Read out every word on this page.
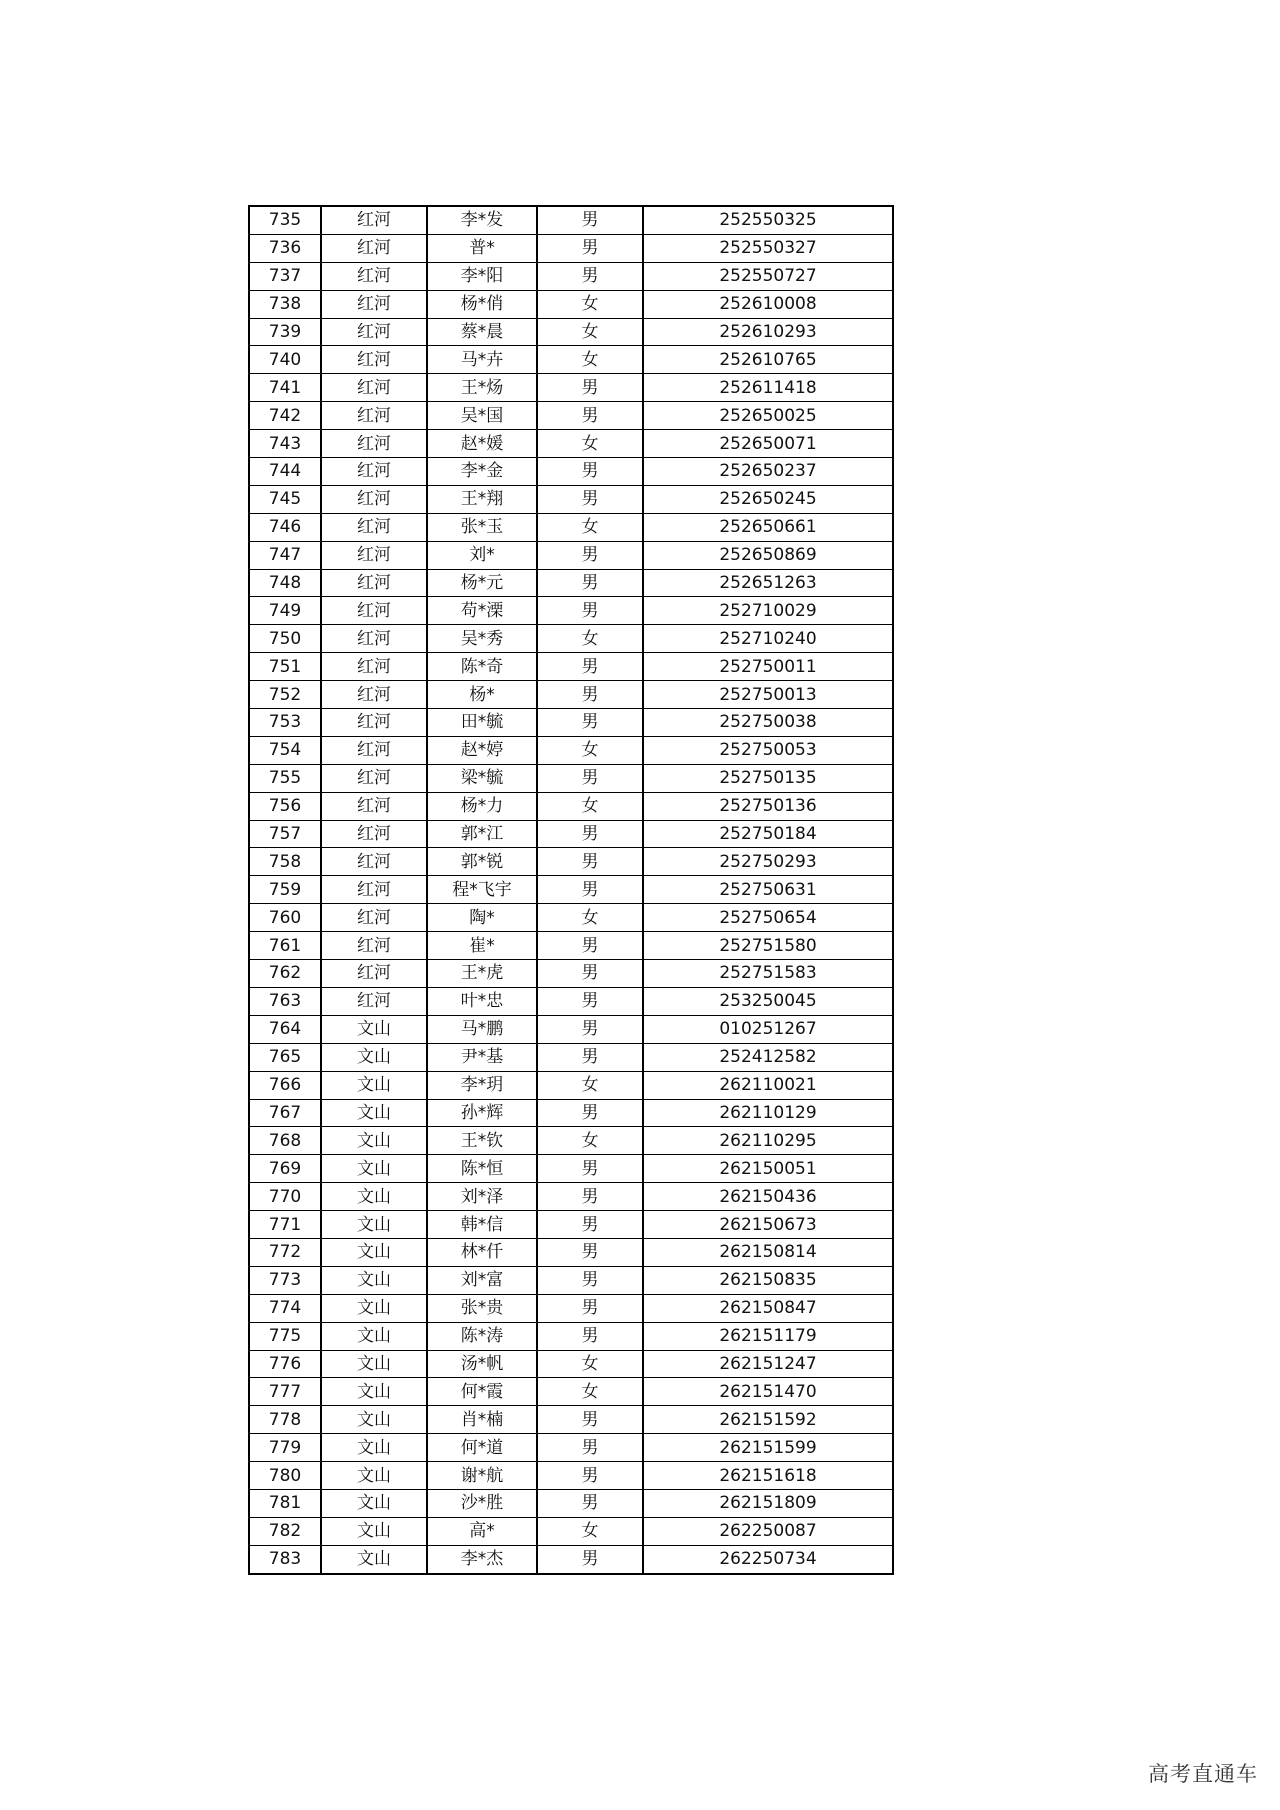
735	红河	李*发	男	252550325
736	红河	普*	男	252550327
737	红河	李*阳	男	252550727
738	红河	杨*俏	女	252610008
739	红河	蔡*晨	女	252610293
740	红河	马*卉	女	252610765
741	红河	王*炀	男	252611418
742	红河	吴*国	男	252650025
743	红河	赵*媛	女	252650071
744	红河	李*金	男	252650237
745	红河	王*翔	男	252650245
746	红河	张*玉	女	252650661
747	红河	刘*	男	252650869
748	红河	杨*元	男	252651263
749	红河	苟*溧	男	252710029
750	红河	吴*秀	女	252710240
751	红河	陈*奇	男	252750011
752	红河	杨*	男	252750013
753	红河	田*毓	男	252750038
754	红河	赵*婷	女	252750053
755	红河	梁*毓	男	252750135
756	红河	杨*力	女	252750136
757	红河	郭*江	男	252750184
758	红河	郭*锐	男	252750293
759	红河	程*飞宇	男	252750631
760	红河	陶*	女	252750654
761	红河	崔*	男	252751580
762	红河	王*虎	男	252751583
763	红河	叶*忠	男	253250045
764	文山	马*鹏	男	010251267
765	文山	尹*基	男	252412582
766	文山	李*玥	女	262110021
767	文山	孙*辉	男	262110129
768	文山	王*钦	女	262110295
769	文山	陈*恒	男	262150051
770	文山	刘*泽	男	262150436
771	文山	韩*信	男	262150673
772	文山	林*仟	男	262150814
773	文山	刘*富	男	262150835
774	文山	张*贵	男	262150847
775	文山	陈*涛	男	262151179
776	文山	汤*帆	女	262151247
777	文山	何*霞	女	262151470
778	文山	肖*楠	男	262151592
779	文山	何*道	男	262151599
780	文山	谢*航	男	262151618
781	文山	沙*胜	男	262151809
782	文山	高*	女	262250087
783	文山	李*杰	男	262250734
高考直通车
